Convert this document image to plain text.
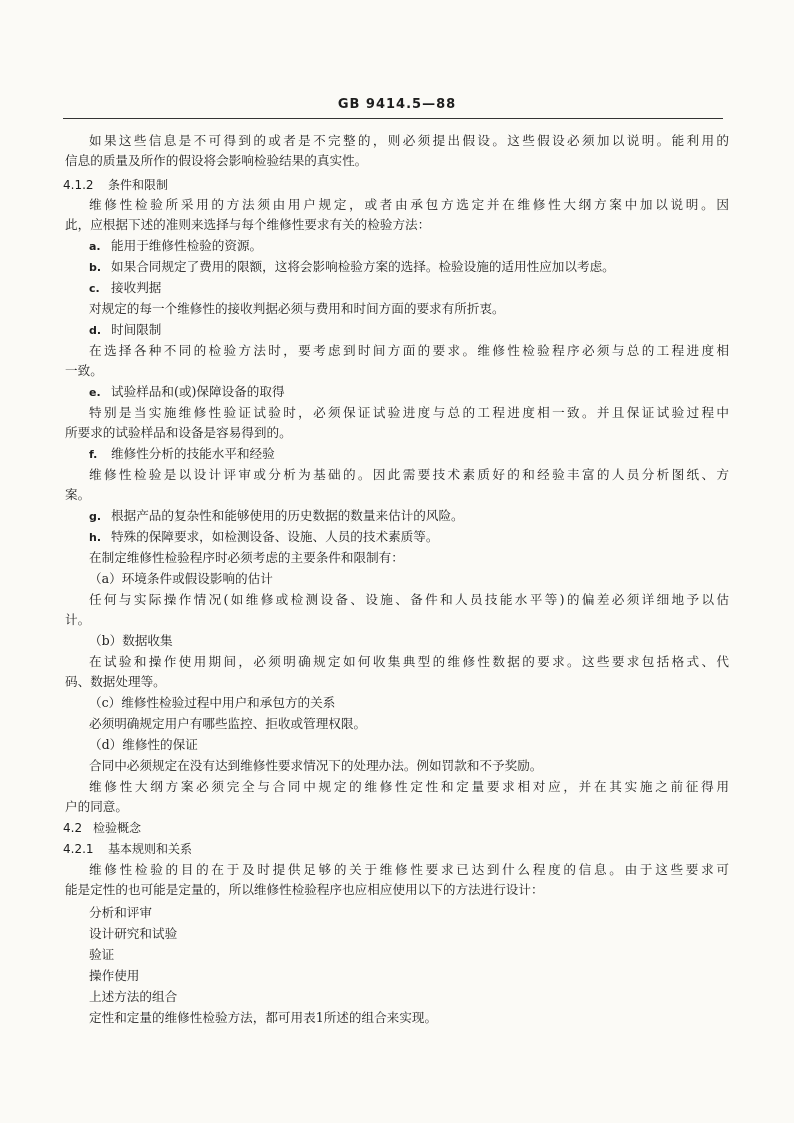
GB 9414.5—88
如果这些信息是不可得到的或者是不完整的，则必须提出假设。这些假设必须加以说明。能利用的
信息的质量及所作的假设将会影响检验结果的真实性。
4.1.2 条件和限制
维修性检验所采用的方法须由用户规定，或者由承包方选定并在维修性大纲方案中加以说明。因
此，应根据下述的准则来选择与每个维修性要求有关的检验方法：
a. 能用于维修性检验的资源。
b. 如果合同规定了费用的限额，这将会影响检验方案的选择。检验设施的适用性应加以考虑。
c. 接收判据
对规定的每一个维修性的接收判据必须与费用和时间方面的要求有所折衷。
d. 时间限制
在选择各种不同的检验方法时，要考虑到时间方面的要求。维修性检验程序必须与总的工程进度相
一致。
e. 试验样品和(或)保障设备的取得
特别是当实施维修性验证试验时，必须保证试验进度与总的工程进度相一致。并且保证试验过程中
所要求的试验样品和设备是容易得到的。
f. 维修性分析的技能水平和经验
维修性检验是以设计评审或分析为基础的。因此需要技术素质好的和经验丰富的人员分析图纸、方
案。
g. 根据产品的复杂性和能够使用的历史数据的数量来估计的风险。
h. 特殊的保障要求，如检测设备、设施、人员的技术素质等。
在制定维修性检验程序时必须考虑的主要条件和限制有：
（a）环境条件或假设影响的估计
任何与实际操作情况(如维修或检测设备、设施、备件和人员技能水平等)的偏差必须详细地予以估
计。
（b）数据收集
在试验和操作使用期间，必须明确规定如何收集典型的维修性数据的要求。这些要求包括格式、代
码、数据处理等。
（c）维修性检验过程中用户和承包方的关系
必须明确规定用户有哪些监控、拒收或管理权限。
（d）维修性的保证
合同中必须规定在没有达到维修性要求情况下的处理办法。例如罚款和不予奖励。
维修性大纲方案必须完全与合同中规定的维修性定性和定量要求相对应，并在其实施之前征得用
户的同意。
4.2 检验概念
4.2.1 基本规则和关系
维修性检验的目的在于及时提供足够的关于维修性要求已达到什么程度的信息。由于这些要求可
能是定性的也可能是定量的，所以维修性检验程序也应相应使用以下的方法进行设计：
分析和评审
设计研究和试验
验证
操作使用
上述方法的组合
定性和定量的维修性检验方法，都可用表1所述的组合来实现。
